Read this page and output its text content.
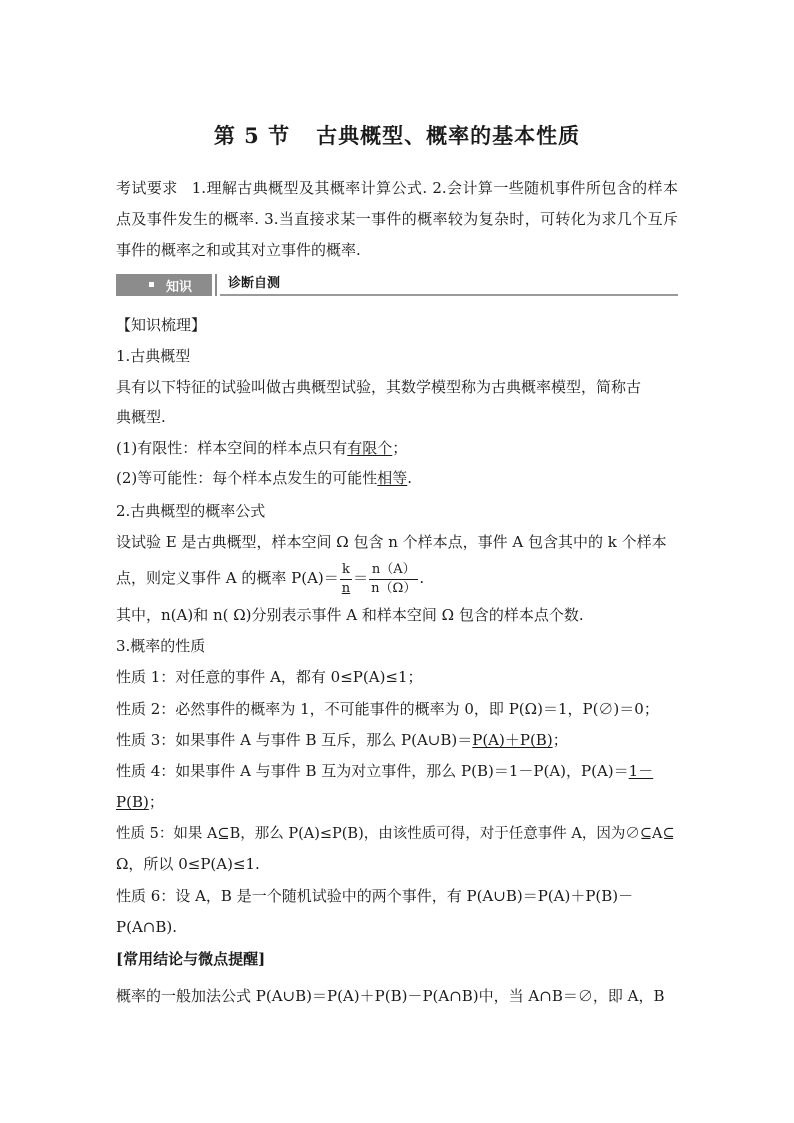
第 5 节 古典概型、概率的基本性质
考试要求 1.理解古典概型及其概率计算公式. 2.会计算一些随机事件所包含的样本点及事件发生的概率. 3.当直接求某一事件的概率较为复杂时，可转化为求几个互斥事件的概率之和或其对立事件的概率.
知识	诊断自测
【知识梳理】
1.古典概型
具有以下特征的试验叫做古典概型试验，其数学模型称为古典概率模型，简称古
典概型.
(1)有限性：样本空间的样本点只有有限个；
(2)等可能性：每个样本点发生的可能性相等.
2.古典概型的概率公式
设试验 E 是古典概型，样本空间 Ω 包含 n 个样本点，事件 A 包含其中的 k 个样本
点，则定义事件 A 的概率 $P(A)= \frac{k}{n} = \frac{n(A)}{n(\Omega)}$ .
其中，n(A)和 n( Ω)分别表示事件 A 和样本空间 Ω 包含的样本点个数.
3.概率的性质
性质 1：对任意的事件 A，都有 0≤P(A)≤1；
性质 2：必然事件的概率为 1，不可能事件的概率为 0，即 P(Ω)＝1，P(∅)＝0；
性质 3：如果事件 A 与事件 B 互斥，那么 P(A∪B)＝P(A)＋P(B)；
性质 4：如果事件 A 与事件 B 互为对立事件，那么 P(B)＝1－P(A)，P(A)＝1－
P(B)；
性质 5：如果 A⊆B，那么 P(A)≤P(B)，由该性质可得，对于任意事件 A，因为∅⊆A⊆
Ω，所以 0≤P(A)≤1.
性质 6：设 A，B 是一个随机试验中的两个事件，有 P(A∪B)＝P(A)＋P(B)－
P(A∩B).
[常用结论与微点提醒]
概率的一般加法公式 P(A∪B)＝P(A)＋P(B)－P(A∩B)中，当 A∩B＝∅，即 A，B
